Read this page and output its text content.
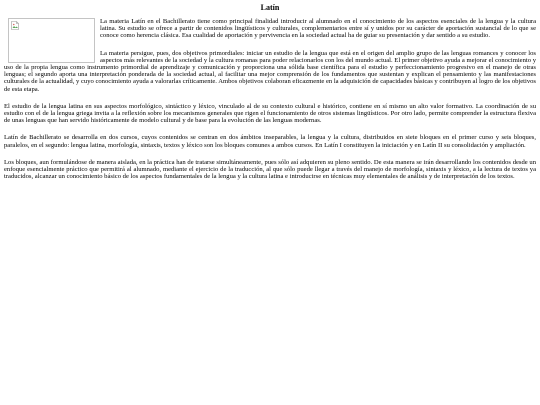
Latín

La materia Latín en el Bachillerato tiene como principal finalidad introducir al alumnado en el conocimiento de los aspectos esenciales de la lengua y la cultura latina. Su estudio se ofrece a partir de contenidos lingüísticos y culturales, complementarios entre sí y unidos por su carácter de aportación sustancial de lo que se conoce como herencia clásica. Esa cualidad de aportación y pervivencia en la sociedad actual ha de guiar su presentación y dar sentido a su estudio.

La materia persigue, pues, dos objetivos primordiales: iniciar un estudio de la lengua que está en el origen del amplio grupo de las lenguas romances y conocer los aspectos más relevantes de la sociedad y la cultura romanas para poder relacionarlos con los del mundo actual. El primer objetivo ayuda a mejorar el conocimiento y uso de la propia lengua como instrumento primordial de aprendizaje y comunicación y proporciona una sólida base científica para el estudio y perfeccionamiento progresivo en el manejo de otras lenguas; el segundo aporta una interpretación ponderada de la sociedad actual, al facilitar una mejor comprensión de los fundamentos que sustentan y explican el pensamiento y las manifestaciones culturales de la actualidad, y cuyo conocimiento ayuda a valorarlas críticamente. Ambos objetivos colaboran eficazmente en la adquisición de capacidades básicas y contribuyen al logro de los objetivos de esta etapa.

El estudio de la lengua latina en sus aspectos morfológico, sintáctico y léxico, vinculado al de su contexto cultural e histórico, contiene en sí mismo un alto valor formativo. La coordinación de su estudio con el de la lengua griega invita a la reflexión sobre los mecanismos generales que rigen el funcionamiento de otros sistemas lingüísticos. Por otro lado, permite comprender la estructura flexiva de unas lenguas que han servido históricamente de modelo cultural y de base para la evolución de las lenguas modernas.

Latín de Bachillerato se desarrolla en dos cursos, cuyos contenidos se centran en dos ámbitos inseparables, la lengua y la cultura, distribuidos en siete bloques en el primer curso y seis bloques, paralelos, en el segundo: lengua latina, morfología, sintaxis, textos y léxico son los bloques comunes a ambos cursos. En Latín I constituyen la iniciación y en Latín II su consolidación y ampliación.

Los bloques, aun formulándose de manera aislada, en la práctica han de tratarse simultáneamente, pues sólo así adquieren su pleno sentido. De esta manera se irán desarrollando los contenidos desde un enfoque esencialmente práctico que permitirá al alumnado, mediante el ejercicio de la traducción, al que sólo puede llegar a través del manejo de morfología, sintaxis y léxico, a la lectura de textos ya traducidos, alcanzar un conocimiento básico de los aspectos fundamentales de la lengua y la cultura latina e introducirse en técnicas muy elementales de análisis y de interpretación de los textos.
